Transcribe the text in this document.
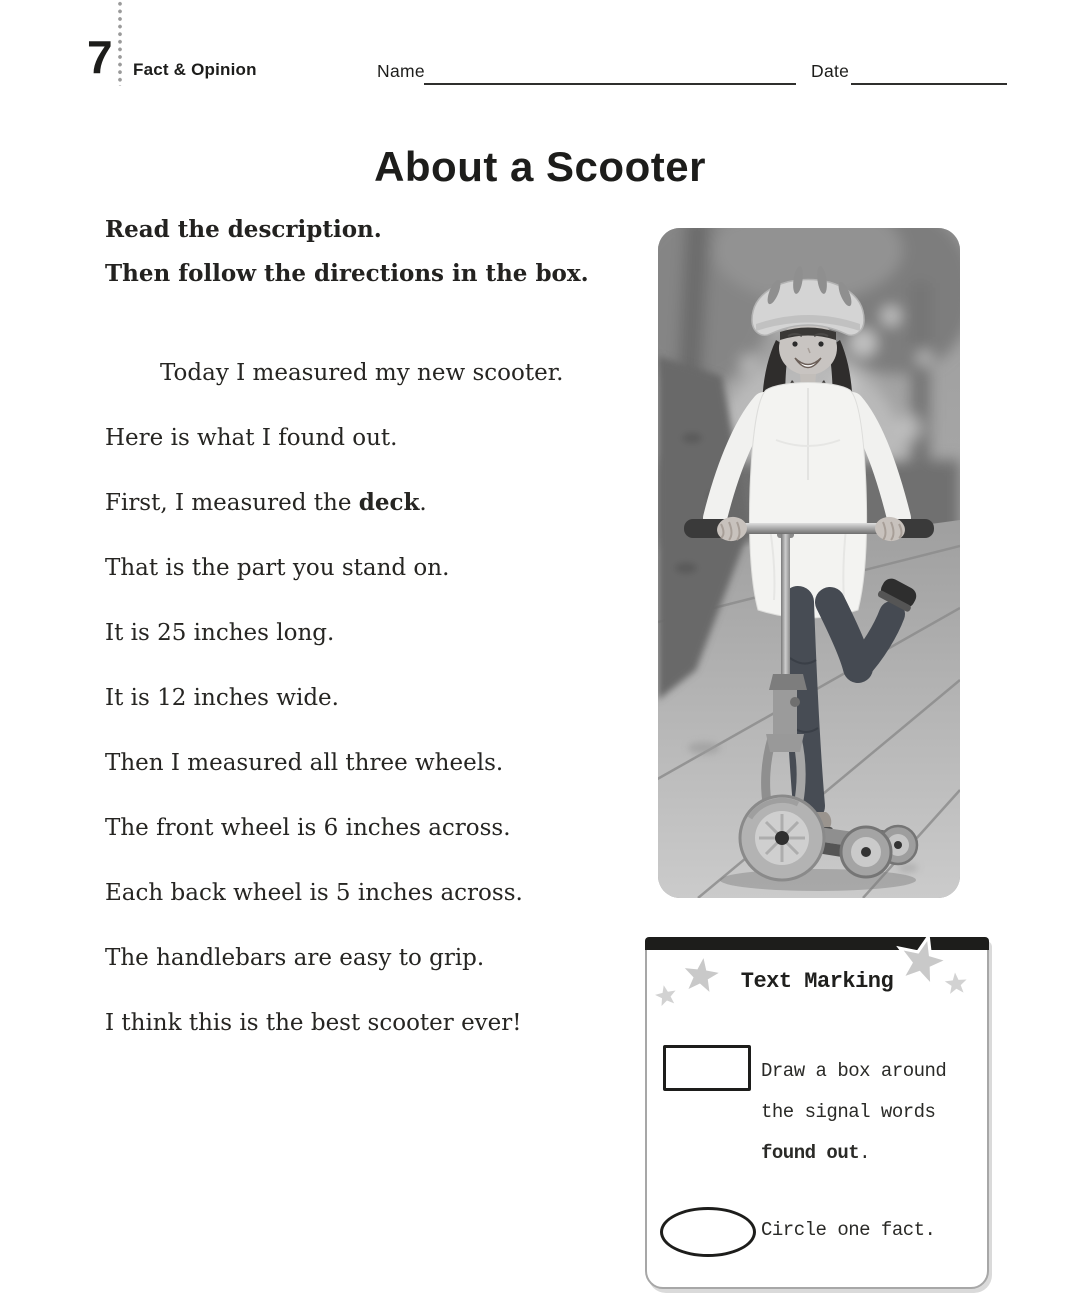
7 Fact & Opinion	Name	Date
About a Scooter

Read the description.

Then follow the directions in the box.

Today I measured my new scooter.

Here is what I found out.

First, I measured the deck.

That is the part you stand on.

It is 25 inches long.

It is 12 inches wide.

Then I measured all three wheels.

The front wheel is 6 inches across.

Each back wheel is 5 inches across.

The handlebars are easy to grip.

I think this is the best scooter ever!

Text Marking

Draw a box around

the signal words

found out.

Circle one fact.
